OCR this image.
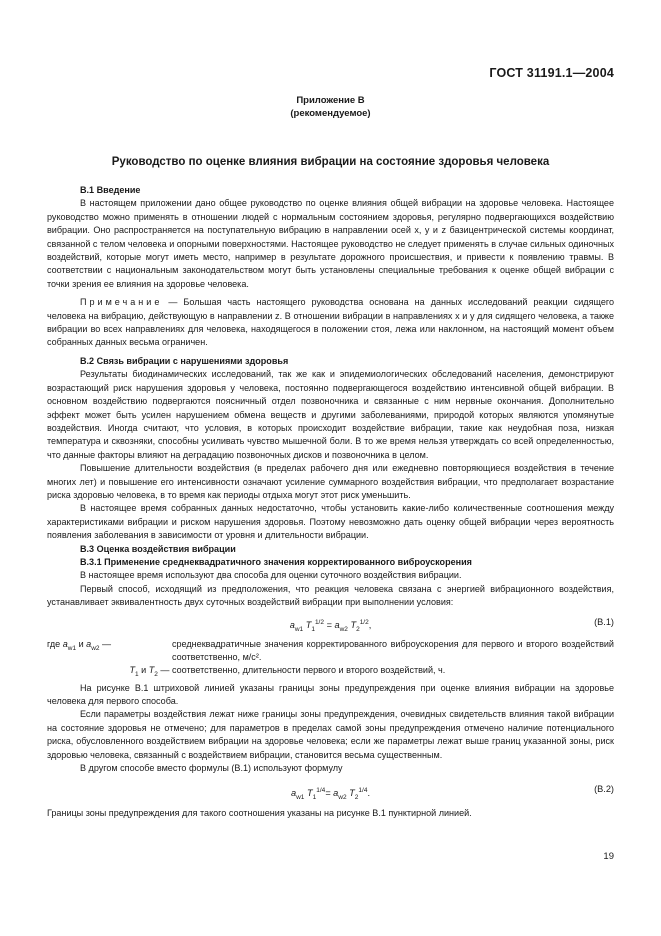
ГОСТ 31191.1—2004
Приложение В
(рекомендуемое)
Руководство по оценке влияния вибрации на состояние здоровья человека

В.1 Введение

В настоящем приложении дано общее руководство по оценке влияния общей вибрации на здоровье человека. Настоящее руководство можно применять в отношении людей с нормальным состоянием здоровья, регулярно подвергающихся воздействию вибрации. Оно распространяется на поступательную вибрацию в направлении осей x, y и z базицентрической системы координат, связанной с телом человека и опорными поверхностями. Настоящее руководство не следует применять в случае сильных одиночных воздействий, которые могут иметь место, например в результате дорожного происшествия, и привести к появлению травмы. В соответствии с национальным законодательством могут быть установлены специальные требования к оценке общей вибрации с точки зрения ее влияния на здоровье человека.

Примечание — Большая часть настоящего руководства основана на данных исследований реакции сидящего человека на вибрацию, действующую в направлении z. В отношении вибрации в направлениях x и y для сидящего человека, а также вибрации во всех направлениях для человека, находящегося в положении стоя, лежа или наклонном, на настоящий момент объем собранных данных весьма ограничен.

В.2 Связь вибрации с нарушениями здоровья

Результаты биодинамических исследований, так же как и эпидемиологических обследований населения, демонстрируют возрастающий риск нарушения здоровья у человека, постоянно подвергающегося воздействию интенсивной общей вибрации. В основном воздействию подвергаются поясничный отдел позвоночника и связанные с ним нервные окончания. Дополнительно эффект может быть усилен нарушением обмена веществ и другими заболеваниями, природой которых являются упомянутые воздействия. Иногда считают, что условия, в которых происходит воздействие вибрации, такие как неудобная поза, низкая температура и сквозняки, способны усиливать чувство мышечной боли. В то же время нельзя утверждать со всей определенностью, что данные факторы влияют на деградацию позвоночных дисков и позвоночника в целом.

Повышение длительности воздействия (в пределах рабочего дня или ежедневно повторяющиеся воздействия в течение многих лет) и повышение его интенсивности означают усиление суммарного воздействия вибрации, что предполагает возрастание риска здоровью человека, в то время как периоды отдыха могут этот риск уменьшить.

В настоящее время собранных данных недостаточно, чтобы установить какие-либо количественные соотношения между характеристиками вибрации и риском нарушения здоровья. Поэтому невозможно дать оценку общей вибрации через вероятность появления заболевания в зависимости от уровня и длительности вибрации.

В.3 Оценка воздействия вибрации

В.3.1 Применение среднеквадратичного значения корректированного виброускорения

В настоящее время используют два способа для оценки суточного воздействия вибрации.

Первый способ, исходящий из предположения, что реакция человека связана с энергией вибрационного воздействия, устанавливает эквивалентность двух суточных воздействий вибрации при выполнении условия:

$a_{w1}$ $T_1^{1/2} = a_{w2}$ $T_2^{1/2}$,	(В.1)
где $a_{w1}$ и $a_{w2}$ —	среднеквадратичные значения корректированного виброускорения для первого и второго воздействий соответственно, м/с².
$T_1$ и $T_2$ — соответственно, длительности первого и второго воздействий, ч.

На рисунке В.1 штриховой линией указаны границы зоны предупреждения при оценке влияния вибрации на здоровье человека для первого способа.

Если параметры воздействия лежат ниже границы зоны предупреждения, очевидных свидетельств влияния такой вибрации на состояние здоровья не отмечено; для параметров в пределах самой зоны предупреждения отмечено наличие потенциального риска, обусловленного воздействием вибрации на здоровье человека; если же параметры лежат выше границ указанной зоны, риск здоровью человека, связанный с воздействием вибрации, становится весьма существенным.

В другом способе вместо формулы (В.1) используют формулу

$a_{w1}$ $T_1^{1/4}= a_{w2}$ $T_2^{1/4}$.	(В.2)

Границы зоны предупреждения для такого соотношения указаны на рисунке В.1 пунктирной линией.

19
